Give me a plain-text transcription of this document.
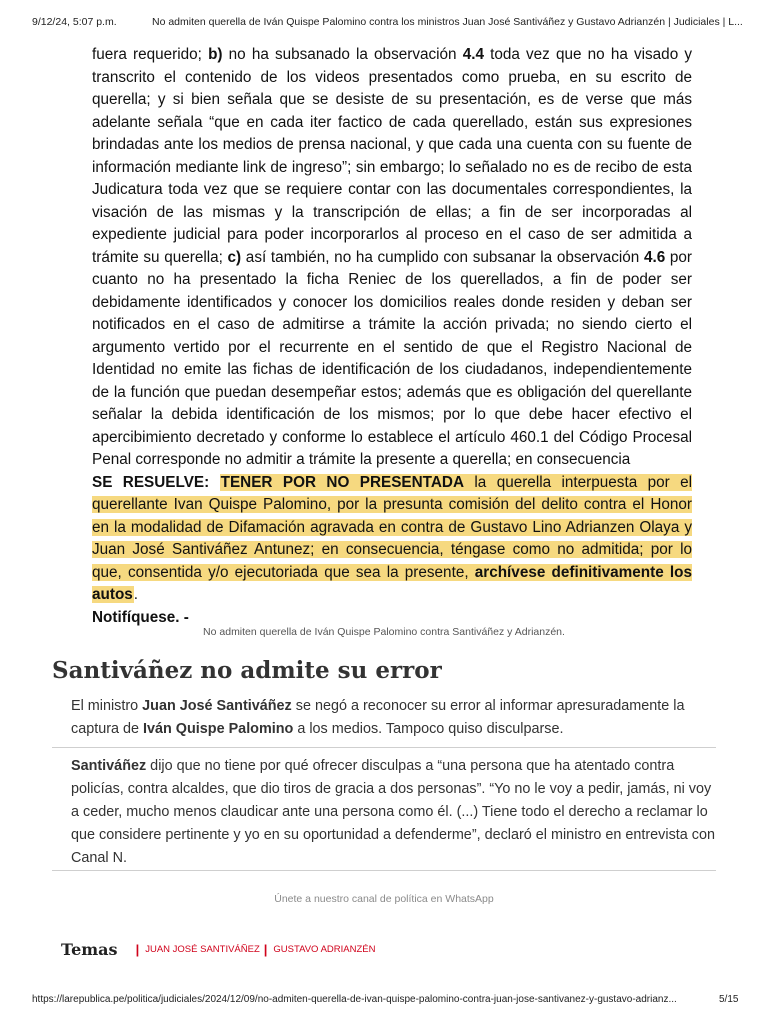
9/12/24, 5:07 p.m.	No admiten querella de Iván Quispe Palomino contra los ministros Juan José Santiváñez y Gustavo Adrianzén | Judiciales | L...

fuera requerido; b) no ha subsanado la observación 4.4 toda vez que no ha visado y transcrito el contenido de los videos presentados como prueba, en su escrito de querella; y si bien señala que se desiste de su presentación, es de verse que más adelante señala “que en cada iter factico de cada querellado, están sus expresiones brindadas ante los medios de prensa nacional, y que cada una cuenta con su fuente de información mediante link de ingreso”; sin embargo; lo señalado no es de recibo de esta Judicatura toda vez que se requiere contar con las documentales correspondientes, la visación de las mismas y la transcripción de ellas; a fin de ser incorporadas al expediente judicial para poder incorporarlos al proceso en el caso de ser admitida a trámite su querella; c) así también, no ha cumplido con subsanar la observación 4.6 por cuanto no ha presentado la ficha Reniec de los querellados, a fin de poder ser debidamente identificados y conocer los domicilios reales donde residen y deban ser notificados en el caso de admitirse a trámite la acción privada; no siendo cierto el argumento vertido por el recurrente en el sentido de que el Registro Nacional de Identidad no emite las fichas de identificación de los ciudadanos, independientemente de la función que puedan desempeñar estos; además que es obligación del querellante señalar la debida identificación de los mismos; por lo que debe hacer efectivo el apercibimiento decretado y conforme lo establece el artículo 460.1 del Código Procesal Penal corresponde no admitir a trámite la presente a querella; en consecuencia

SE RESUELVE: TENER POR NO PRESENTADA la querella interpuesta por el querellante Ivan Quispe Palomino, por la presunta comisión del delito contra el Honor en la modalidad de Difamación agravada en contra de Gustavo Lino Adrianzen Olaya y Juan José Santiváñez Antunez; en consecuencia, téngase como no admitida; por lo que, consentida y/o ejecutoriada que sea la presente, archívese definitivamente los autos.

Notifíquese. -

No admiten querella de Iván Quispe Palomino contra Santiváñez y Adrianzén.
Santiváñez no admite su error

El ministro Juan José Santiváñez se negó a reconocer su error al informar apresuradamente la captura de Iván Quispe Palomino a los medios. Tampoco quiso disculparse.

Santiváñez dijo que no tiene por qué ofrecer disculpas a “una persona que ha atentado contra policías, contra alcaldes, que dio tiros de gracia a dos personas”. “Yo no le voy a pedir, jamás, ni voy a ceder, mucho menos claudicar ante una persona como él. (...) Tiene todo el derecho a reclamar lo que considere pertinente y yo en su oportunidad a defenderme”, declaró el ministro en entrevista con Canal N.

Únete a nuestro canal de política en WhatsApp
Temas | JUAN JOSÉ SANTIVÁÑEZ | GUSTAVO ADRIANZÉN
https://larepublica.pe/politica/judiciales/2024/12/09/no-admiten-querella-de-ivan-quispe-palomino-contra-juan-jose-santivanez-y-gustavo-adrianz...	5/15
